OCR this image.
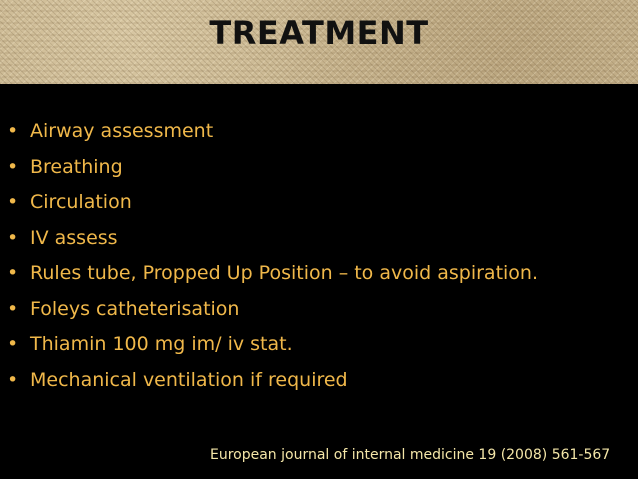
TREATMENT
• Airway assessment
• Breathing
• Circulation
• IV assess
• Rules tube, Propped Up Position – to avoid aspiration.
• Foleys catheterisation
• Thiamin 100 mg im/ iv stat.
• Mechanical ventilation if required
European journal of internal medicine 19 (2008) 561-567
